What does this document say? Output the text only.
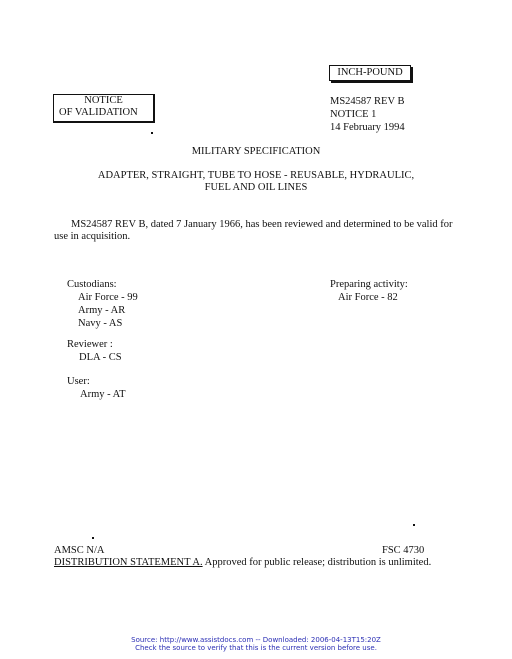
INCH-POUND
NOTICE
OF VALIDATION
MS24587 REV B
NOTICE 1
14 February 1994
MILITARY SPECIFICATION
ADAPTER, STRAIGHT, TUBE TO HOSE - REUSABLE, HYDRAULIC,
FUEL AND OIL LINES
MS24587 REV B, dated 7 January 1966, has been reviewed and determined to be valid for
use in acquisition.
Custodians:
Air Force - 99
Army - AR
Navy - AS
Preparing activity:
Air Force - 82
Reviewer :
DLA - CS
User:
Army - AT
AMSC N/A	FSC 4730
DISTRIBUTION STATEMENT A. Approved for public release; distribution is unlimited.
Source: http://www.assistdocs.com -- Downloaded: 2006-04-13T15:20Z
Check the source to verify that this is the current version before use.
